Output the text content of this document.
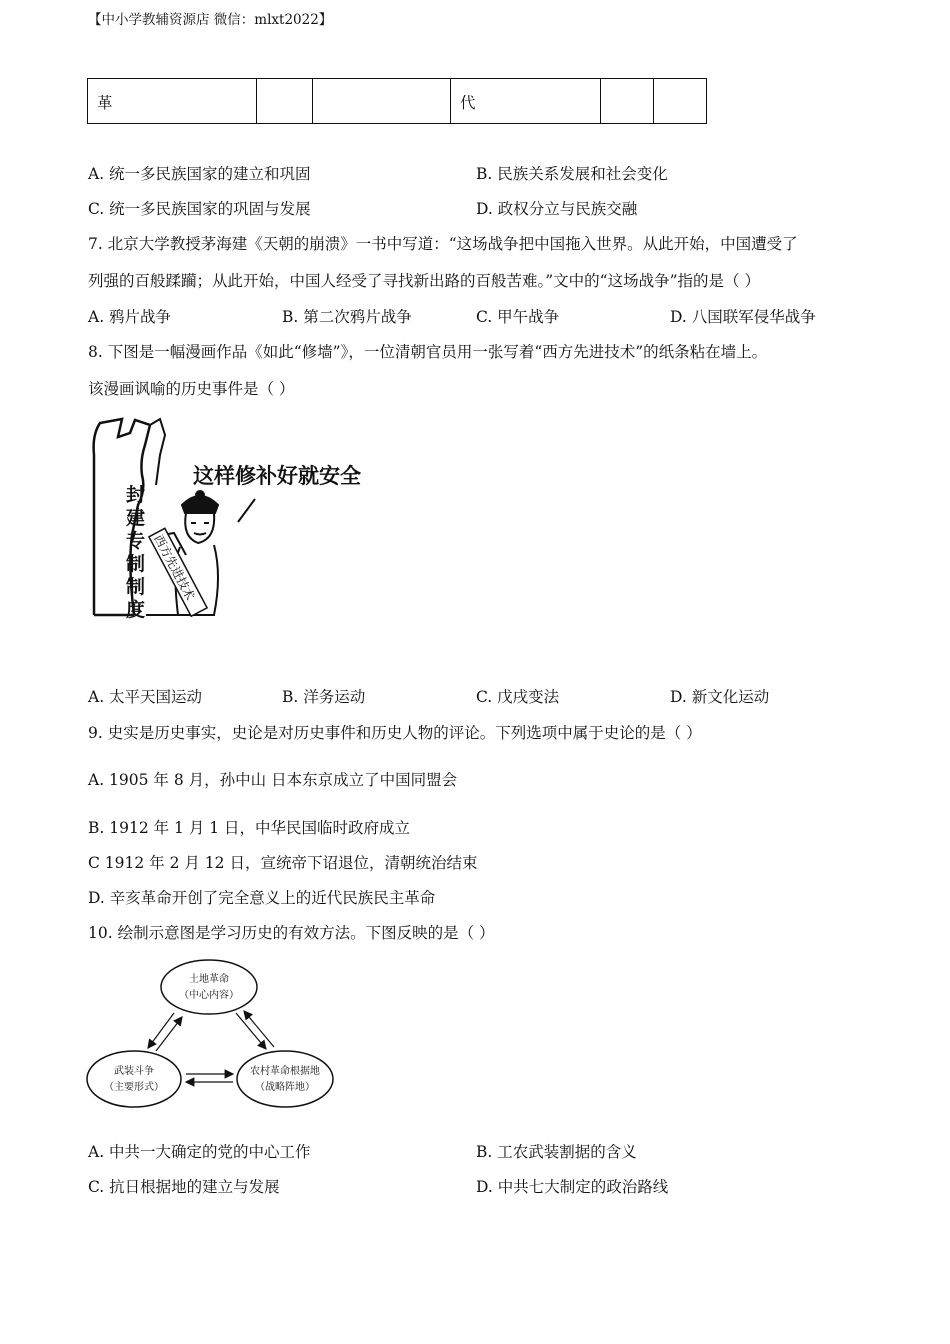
【中小学教辅资源店 微信：mlxt2022】
革			代		
A. 统一多民族国家的建立和巩固	B. 民族关系发展和社会变化
C. 统一多民族国家的巩固与发展	D. 政权分立与民族交融
7. 北京大学教授茅海建《天朝的崩溃》一书中写道：“这场战争把中国拖入世界。从此开始，中国遭受了
列强的百般蹂躏；从此开始，中国人经受了寻找新出路的百般苦难。”文中的“这场战争”指的是（ ）
A. 鸦片战争	B. 第二次鸦片战争	C. 甲午战争	D. 八国联军侵华战争
8. 下图是一幅漫画作品《如此“修墙”》，一位清朝官员用一张写着“西方先进技术”的纸条粘在墙上。
该漫画讽喻的历史事件是（ ）
这样修补好就安全
封
建
专
制
制
度
西方先进技术
A. 太平天国运动	B. 洋务运动	C. 戊戌变法	D. 新文化运动
9. 史实是历史事实，史论是对历史事件和历史人物的评论。下列选项中属于史论的是（ ）
A. 1905 年 8 月，孙中山 日本东京成立了中国同盟会
B. 1912 年 1 月 1 日，中华民国临时政府成立
C 1912 年 2 月 12 日，宣统帝下诏退位，清朝统治结束
D. 辛亥革命开创了完全意义上的近代民族民主革命
10. 绘制示意图是学习历史的有效方法。下图反映的是（ ）
土地革命
（中心内容）
武装斗争
（主要形式）
农村革命根据地
（战略阵地）
A. 中共一大确定的党的中心工作	B. 工农武装割据的含义
C. 抗日根据地的建立与发展	D. 中共七大制定的政治路线
